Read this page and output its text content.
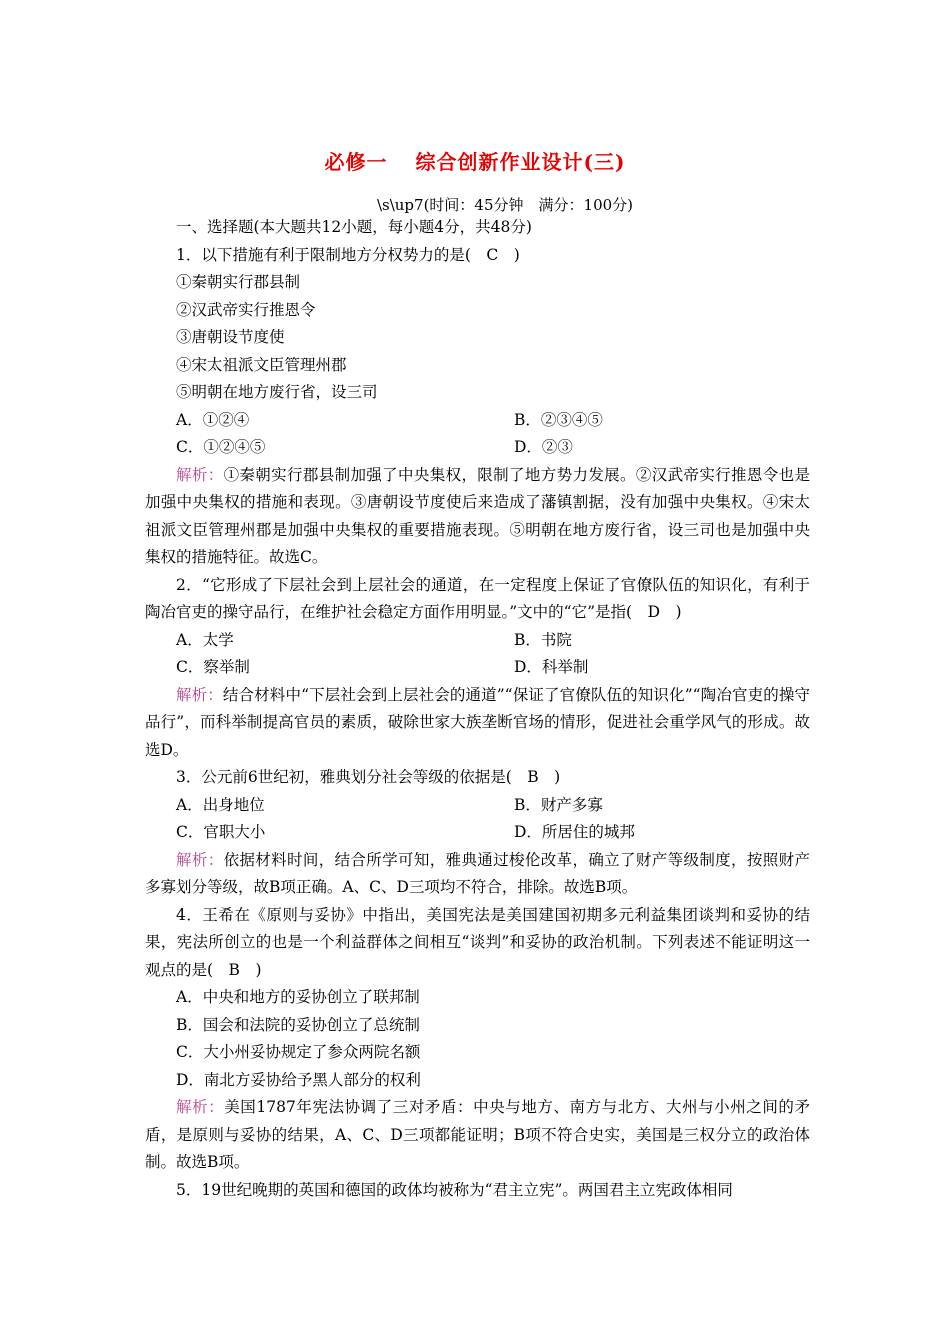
必修一 综合创新作业设计(三)
\s\up7(时间：45分钟　满分：100分)
一、选择题(本大题共12小题，每小题4分，共48分)
1．以下措施有利于限制地方分权势力的是(　C　)
①秦朝实行郡县制
②汉武帝实行推恩令
③唐朝设节度使
④宋太祖派文臣管理州郡
⑤明朝在地方废行省，设三司
A．①②④	B．②③④⑤
C．①②④⑤	D．②③
解析：①秦朝实行郡县制加强了中央集权，限制了地方势力发展。②汉武帝实行推恩令也是加强中央集权的措施和表现。③唐朝设节度使后来造成了藩镇割据，没有加强中央集权。④宋太祖派文臣管理州郡是加强中央集权的重要措施表现。⑤明朝在地方废行省，设三司也是加强中央集权的措施特征。故选C。
2．“它形成了下层社会到上层社会的通道，在一定程度上保证了官僚队伍的知识化，有利于陶冶官吏的操守品行，在维护社会稳定方面作用明显。”文中的“它”是指(　D　)
A．太学	B．书院
C．察举制	D．科举制
解析：结合材料中“下层社会到上层社会的通道”“保证了官僚队伍的知识化”“陶冶官吏的操守品行”，而科举制提高官员的素质，破除世家大族垄断官场的情形，促进社会重学风气的形成。故选D。
3．公元前6世纪初，雅典划分社会等级的依据是(　B　)
A．出身地位	B．财产多寡
C．官职大小	D．所居住的城邦
解析：依据材料时间，结合所学可知，雅典通过梭伦改革，确立了财产等级制度，按照财产多寡划分等级，故B项正确。A、C、D三项均不符合，排除。故选B项。
4．王希在《原则与妥协》中指出，美国宪法是美国建国初期多元利益集团谈判和妥协的结果，宪法所创立的也是一个利益群体之间相互“谈判”和妥协的政治机制。下列表述不能证明这一观点的是(　B　)
A．中央和地方的妥协创立了联邦制
B．国会和法院的妥协创立了总统制
C．大小州妥协规定了参众两院名额
D．南北方妥协给予黑人部分的权利
解析：美国1787年宪法协调了三对矛盾：中央与地方、南方与北方、大州与小州之间的矛盾，是原则与妥协的结果，A、C、D三项都能证明；B项不符合史实，美国是三权分立的政治体制。故选B项。
5．19世纪晚期的英国和德国的政体均被称为“君主立宪”。两国君主立宪政体相同
